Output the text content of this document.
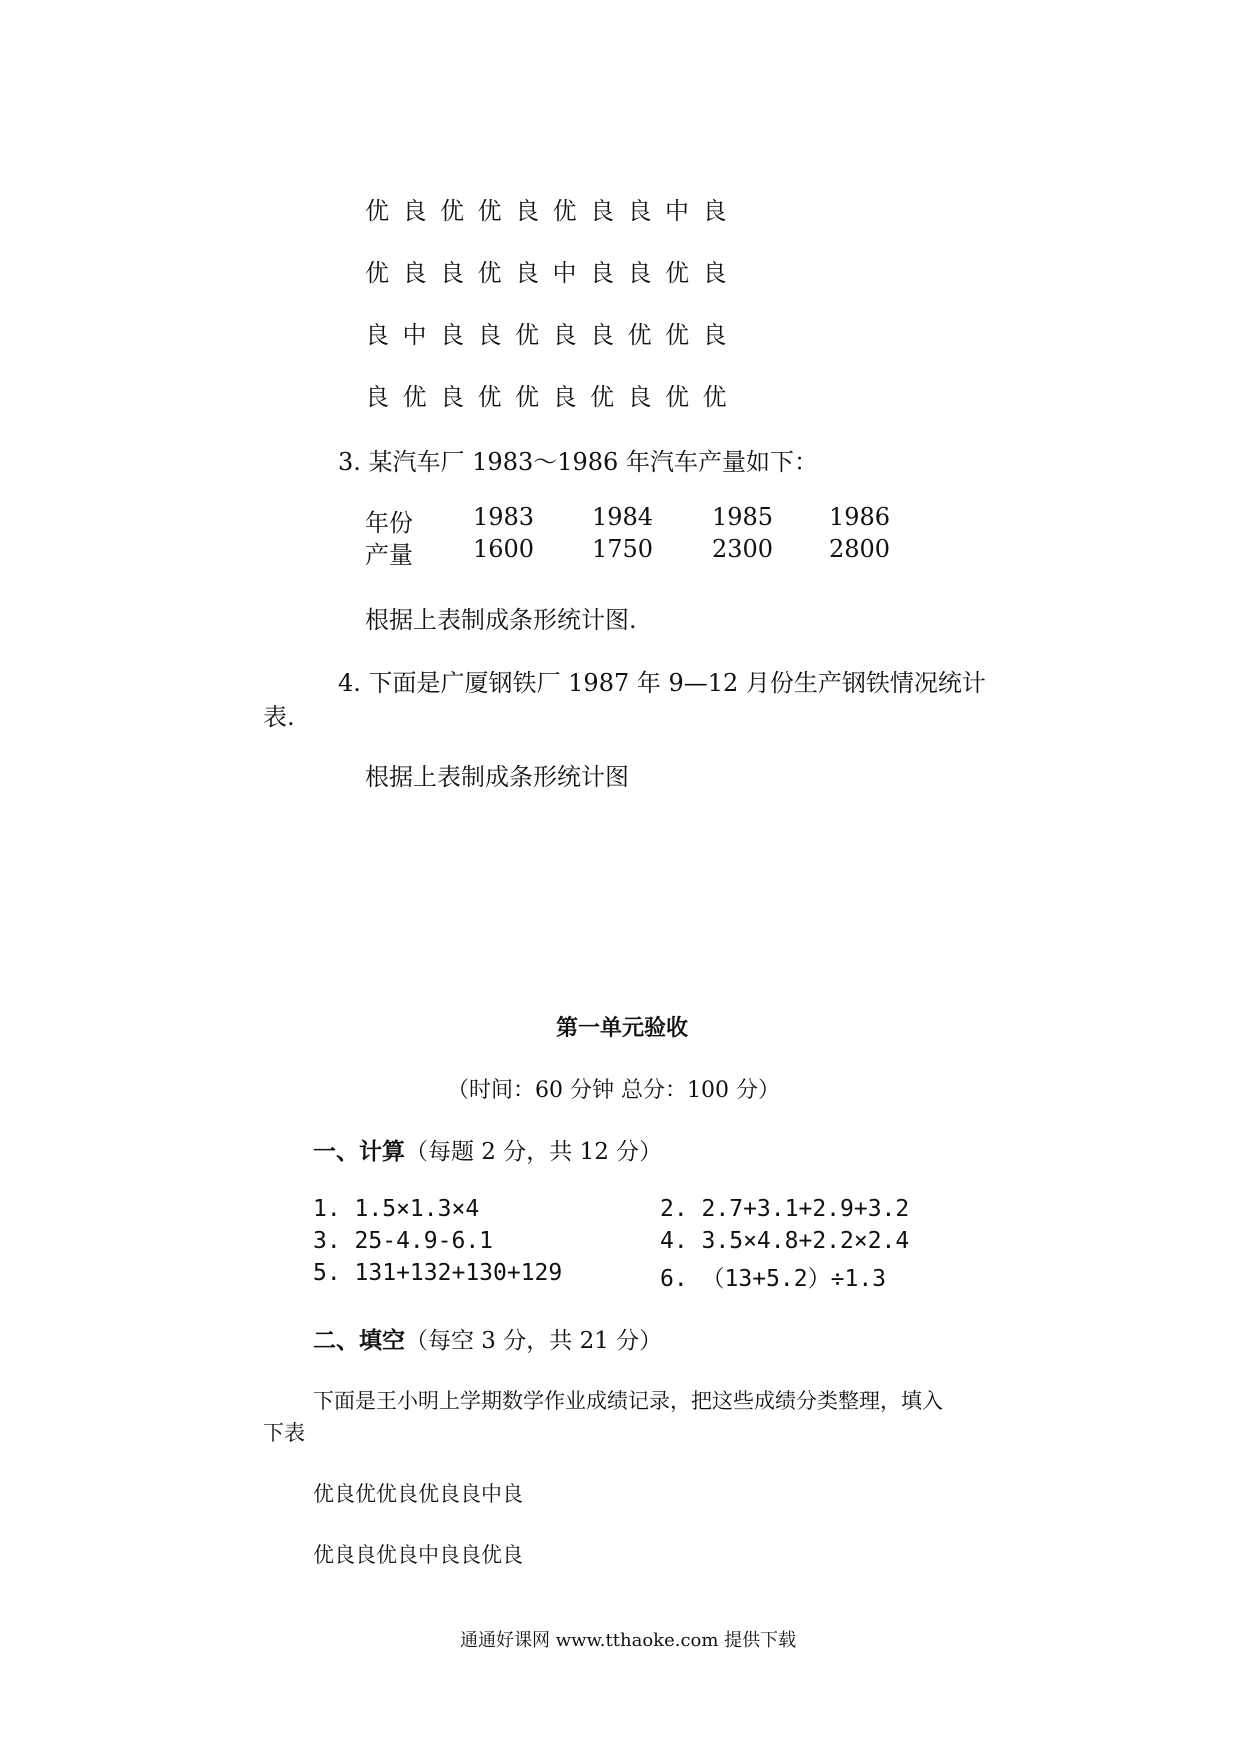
优 良 优 优 良 优 良 良 中 良
优 良 良 优 良 中 良 良 优 良
良 中 良 良 优 良 良 优 优 良
良 优 良 优 优 良 优 良 优 优
3. 某汽车厂 1983～1986 年汽车产量如下：
年份	1983 1984 1985 1986
产量	1600 1750 2300 2800
根据上表制成条形统计图.
4. 下面是广厦钢铁厂 1987 年 9—12 月份生产钢铁情况统计
表.
根据上表制成条形统计图
第一单元验收
（时间：60 分钟 总分：100 分）
一、计算（每题 2 分，共 12 分）
1. 1.5×1.3×4	2. 2.7+3.1+2.9+3.2
3. 25-4.9-6.1	4. 3.5×4.8+2.2×2.4
5. 131+132+130+129	6. （13+5.2）÷1.3
二、填空（每空 3 分，共 21 分）
下面是王小明上学期数学作业成绩记录，把这些成绩分类整理，填入
下表
优良优优良优良良中良
优良良优良中良良优良
通通好课网 www.tthaoke.com 提供下载
